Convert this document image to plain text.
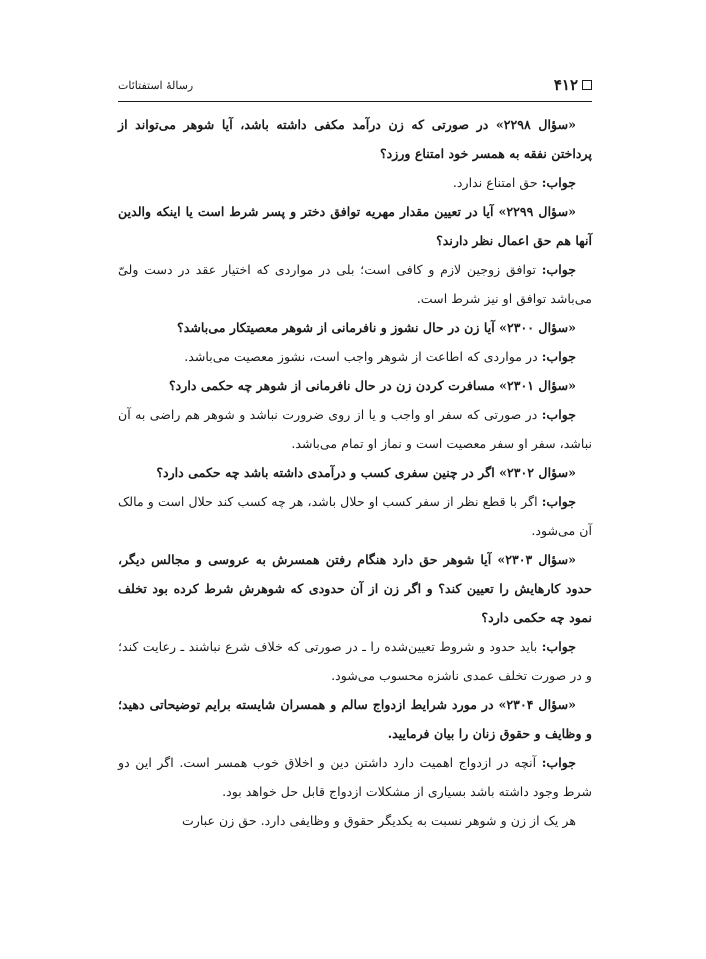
۴۱۲
رسالهٔ استفتائات

«سؤال ۲۲۹۸» در صورتی که زن درآمد مکفی داشته باشد، آیا شوهر می‌تواند از پرداختن نفقه به همسر خود امتناع ورزد؟

جواب: حق امتناع ندارد.

«سؤال ۲۲۹۹» آیا در تعیین مقدار مهریه توافق دختر و پسر شرط است یا اینکه والدین آنها هم حق اعمال نظر دارند؟

جواب: توافق زوجین لازم و کافی است؛ بلی در مواردی که اختیار عقد در دست ولیّ می‌باشد توافق او نیز شرط است.

«سؤال ۲۳۰۰» آیا زن در حال نشوز و نافرمانی از شوهر معصیتکار می‌باشد؟

جواب: در مواردی که اطاعت از شوهر واجب است، نشوز معصیت می‌باشد.

«سؤال ۲۳۰۱» مسافرت کردن زن در حال نافرمانی از شوهر چه حکمی دارد؟

جواب: در صورتی که سفر او واجب و یا از روی ضرورت نباشد و شوهر هم راضی به آن نباشد، سفر او سفر معصیت است و نماز او تمام می‌باشد.

«سؤال ۲۳۰۲» اگر در چنین سفری کسب و درآمدی داشته باشد چه حکمی دارد؟

جواب: اگر با قطع نظر از سفر کسب او حلال باشد، هر چه کسب کند حلال است و مالک آن می‌شود.

«سؤال ۲۳۰۳» آیا شوهر حق دارد هنگام رفتن همسرش به عروسی و مجالس دیگر، حدود کارهایش را تعیین کند؟ و اگر زن از آن حدودی که شوهرش شرط کرده بود تخلف نمود چه حکمی دارد؟

جواب: باید حدود و شروط تعیین‌شده را ـ در صورتی که خلاف شرع نباشند ـ رعایت کند؛ و در صورت تخلف عمدی ناشزه محسوب می‌شود.

«سؤال ۲۳۰۴» در مورد شرایط ازدواج سالم و همسران شایسته برایم توضیحاتی دهید؛ و وظایف و حقوق زنان را بیان فرمایید.

جواب: آنچه در ازدواج اهمیت دارد داشتن دین و اخلاق خوب همسر است. اگر این دو شرط وجود داشته باشد بسیاری از مشکلات ازدواج قابل حل خواهد بود.

هر یک از زن و شوهر نسبت به یکدیگر حقوق و وظایفی دارد. حق زن عبارت
